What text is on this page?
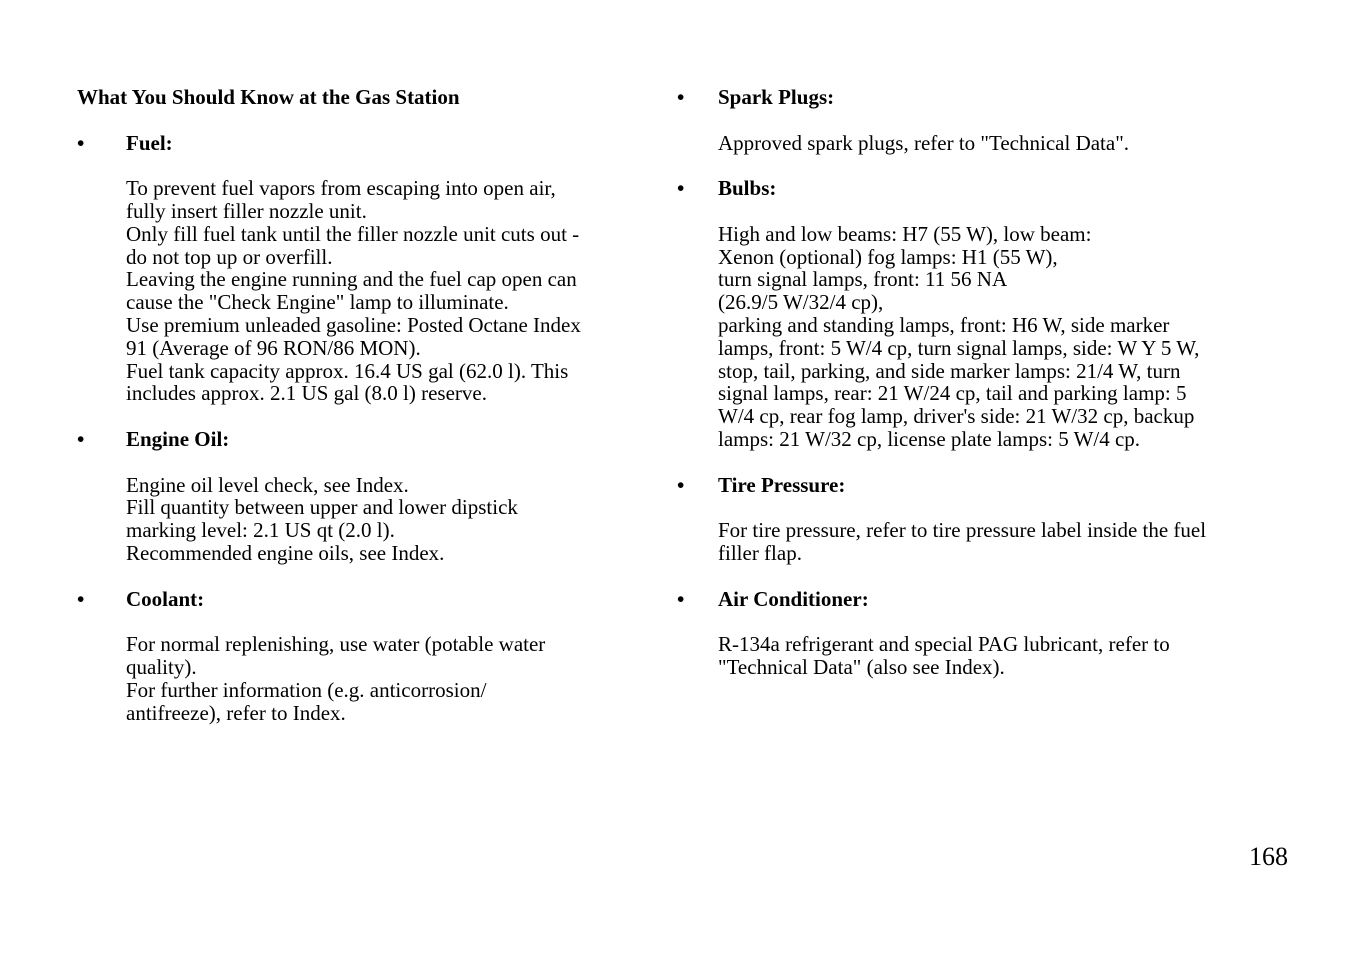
What You Should Know at the Gas Station
•	Fuel:
To prevent fuel vapors from escaping into open air,
fully insert filler nozzle unit.
Only fill fuel tank until the filler nozzle unit cuts out -
do not top up or overfill.
Leaving the engine running and the fuel cap open can
cause the "Check Engine" lamp to illuminate.
Use premium unleaded gasoline: Posted Octane Index
91 (Average of 96 RON/86 MON).
Fuel tank capacity approx. 16.4 US gal (62.0 l). This
includes approx. 2.1 US gal (8.0 l) reserve.
•	Engine Oil:
Engine oil level check, see Index.
Fill quantity between upper and lower dipstick
marking level: 2.1 US qt (2.0 l).
Recommended engine oils, see Index.
•	Coolant:
For normal replenishing, use water (potable water
quality).
For further information (e.g. anticorrosion/
antifreeze), refer to Index.
•	Spark Plugs:
Approved spark plugs, refer to "Technical Data".
•	Bulbs:
High and low beams: H7 (55 W), low beam:
Xenon (optional) fog lamps: H1 (55 W),
turn signal lamps, front: 11 56 NA
(26.9/5 W/32/4 cp),
parking and standing lamps, front: H6 W, side marker
lamps, front: 5 W/4 cp, turn signal lamps, side: W Y 5 W,
stop, tail, parking, and side marker lamps: 21/4 W, turn
signal lamps, rear: 21 W/24 cp, tail and parking lamp: 5
W/4 cp, rear fog lamp, driver's side: 21 W/32 cp, backup
lamps: 21 W/32 cp, license plate lamps: 5 W/4 cp.
•	Tire Pressure:
For tire pressure, refer to tire pressure label inside the fuel
filler flap.
•	Air Conditioner:
R-134a refrigerant and special PAG lubricant, refer to
"Technical Data" (also see Index).
168
